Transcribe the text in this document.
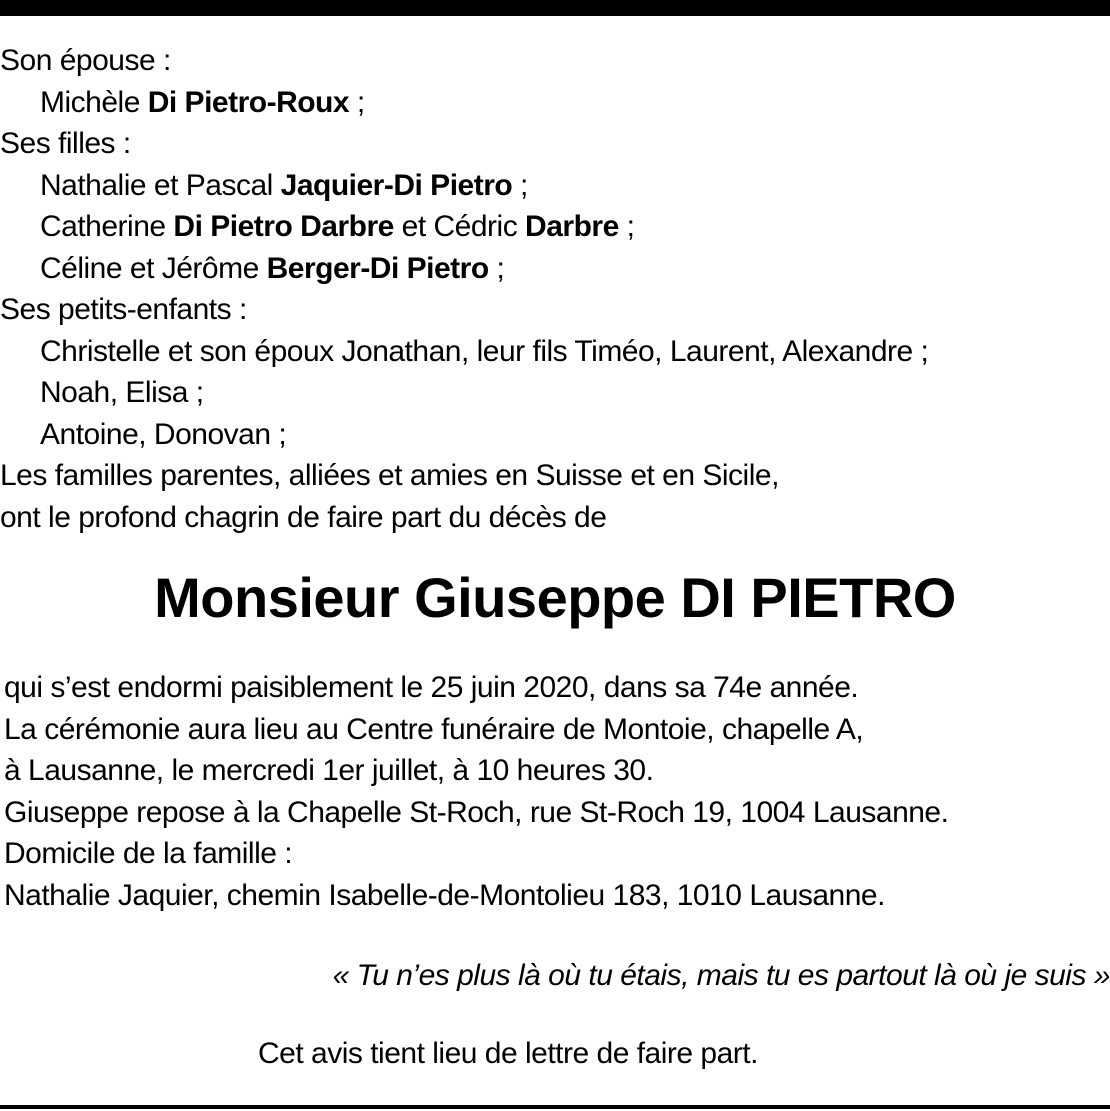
Son épouse :
Michèle Di Pietro-Roux ;
Ses filles :
Nathalie et Pascal Jaquier-Di Pietro ;
Catherine Di Pietro Darbre et Cédric Darbre ;
Céline et Jérôme Berger-Di Pietro ;
Ses petits-enfants :
Christelle et son époux Jonathan, leur fils Timéo, Laurent, Alexandre ;
Noah, Elisa ;
Antoine, Donovan ;
Les familles parentes, alliées et amies en Suisse et en Sicile,
ont le profond chagrin de faire part du décès de
Monsieur Giuseppe DI PIETRO
qui s’est endormi paisiblement le 25 juin 2020, dans sa 74e année.
La cérémonie aura lieu au Centre funéraire de Montoie, chapelle A,
à Lausanne, le mercredi 1er juillet, à 10 heures 30.
Giuseppe repose à la Chapelle St-Roch, rue St-Roch 19, 1004 Lausanne.
Domicile de la famille :
Nathalie Jaquier, chemin Isabelle-de-Montolieu 183, 1010 Lausanne.
« Tu n’es plus là où tu étais, mais tu es partout là où je suis »
Cet avis tient lieu de lettre de faire part.
